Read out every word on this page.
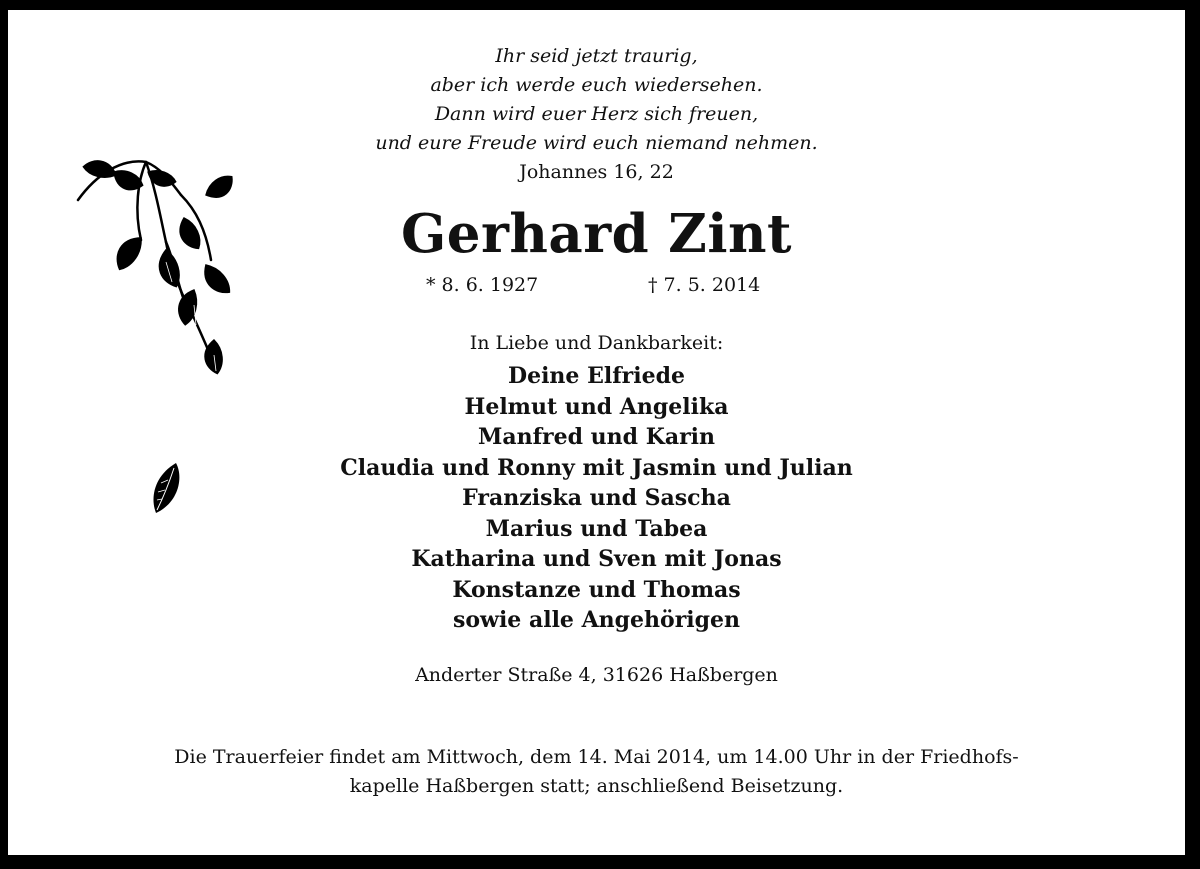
Ihr seid jetzt traurig,
aber ich werde euch wiedersehen.
Dann wird euer Herz sich freuen,
und eure Freude wird euch niemand nehmen.
Johannes 16, 22
Gerhard Zint
* 8. 6. 1927	† 7. 5. 2014
In Liebe und Dankbarkeit:
Deine Elfriede
Helmut und Angelika
Manfred und Karin
Claudia und Ronny mit Jasmin und Julian
Franziska und Sascha
Marius und Tabea
Katharina und Sven mit Jonas
Konstanze und Thomas
sowie alle Angehörigen
Anderter Straße 4, 31626 Haßbergen
Die Trauerfeier findet am Mittwoch, dem 14. Mai 2014, um 14.00 Uhr in der Friedhofs-
kapelle Haßbergen statt; anschließend Beisetzung.
